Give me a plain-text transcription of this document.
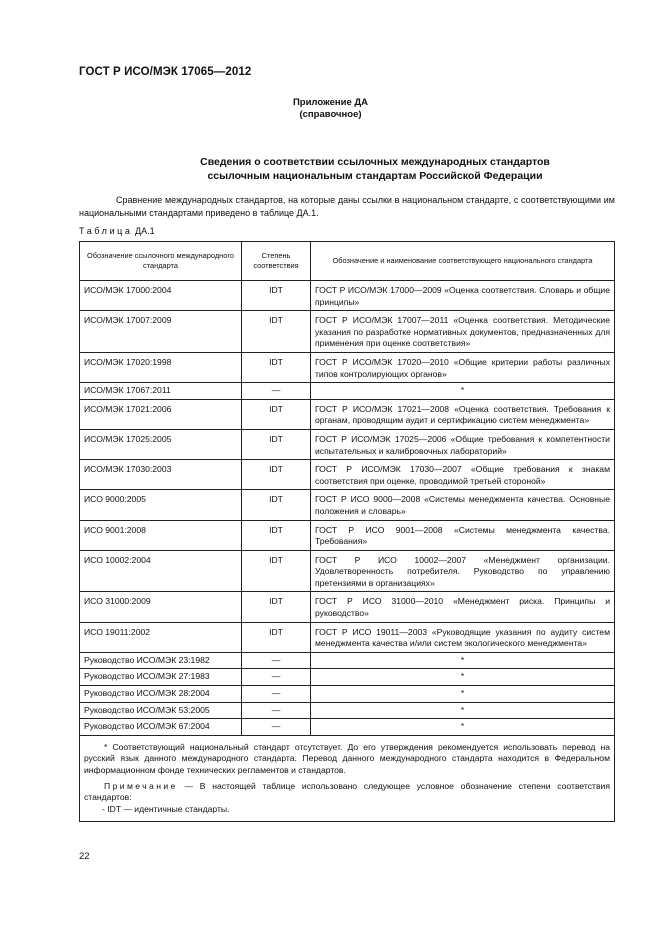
ГОСТ Р ИСО/МЭК 17065—2012
Приложение ДА
(справочное)
Сведения о соответствии ссылочных международных стандартов
ссылочным национальным стандартам Российской Федерации
Сравнение международных стандартов, на которые даны ссылки в национальном стандарте, с соответствующими им национальными стандартами приведено в таблице ДА.1.
Таблица ДА.1
Обозначение ссылочного международного стандарта	Степень соответствия	Обозначение и наименование соответствующего национального стандарта
ИСО/МЭК 17000:2004	IDT	ГОСТ Р ИСО/МЭК 17000—2009 «Оценка соответствия. Словарь и общие принципы»
ИСО/МЭК 17007:2009	IDT	ГОСТ Р ИСО/МЭК 17007—2011 «Оценка соответствия. Методические указания по разработке нормативных документов, предназначенных для применения при оценке соответствия»
ИСО/МЭК 17020:1998	IDT	ГОСТ Р ИСО/МЭК 17020—2010 «Общие критерии работы различных типов контролирующих органов»
ИСО/МЭК 17067:2011	—	*
ИСО/МЭК 17021:2006	IDT	ГОСТ Р ИСО/МЭК 17021—2008 «Оценка соответствия. Требования к органам, проводящим аудит и сертификацию систем менеджмента»
ИСО/МЭК 17025:2005	IDT	ГОСТ Р ИСО/МЭК 17025—2006 «Общие требования к компетентности испытательных и калибровочных лабораторий»
ИСО/МЭК 17030:2003	IDT	ГОСТ Р ИСО/МЭК 17030—2007 «Общие требования к знакам соответствия при оценке, проводимой третьей стороной»
ИСО 9000:2005	IDT	ГОСТ Р ИСО 9000—2008 «Системы менеджмента качества. Основные положения и словарь»
ИСО 9001:2008	IDT	ГОСТ Р ИСО 9001—2008 «Системы менеджмента качества. Требования»
ИСО 10002:2004	IDT	ГОСТ Р ИСО 10002—2007 «Менеджмент организации. Удовлетворенность потребителя. Руководство по управлению претензиями в организациях»
ИСО 31000:2009	IDT	ГОСТ Р ИСО 31000—2010 «Менеджмент риска. Принципы и руководство»
ИСО 19011:2002	IDT	ГОСТ Р ИСО 19011—2003 «Руководящие указания по аудиту систем менеджмента качества и/или систем экологического менеджмента»
Руководство ИСО/МЭК 23:1982	—	*
Руководство ИСО/МЭК 27:1983	—	*
Руководство ИСО/МЭК 28:2004	—	*
Руководство ИСО/МЭК 53:2005	—	*
Руководство ИСО/МЭК 67:2004	—	*

* Соответствующий национальный стандарт отсутствует. До его утверждения рекомендуется использовать перевод на русский язык данного международного стандарта. Перевод данного международного стандарта находится в Федеральном информационном фонде технических регламентов и стандартов.
Примечание — В настоящей таблице использовано следующее условное обозначение степени соответствия стандартов:
- IDT — идентичные стандарты.		
22
